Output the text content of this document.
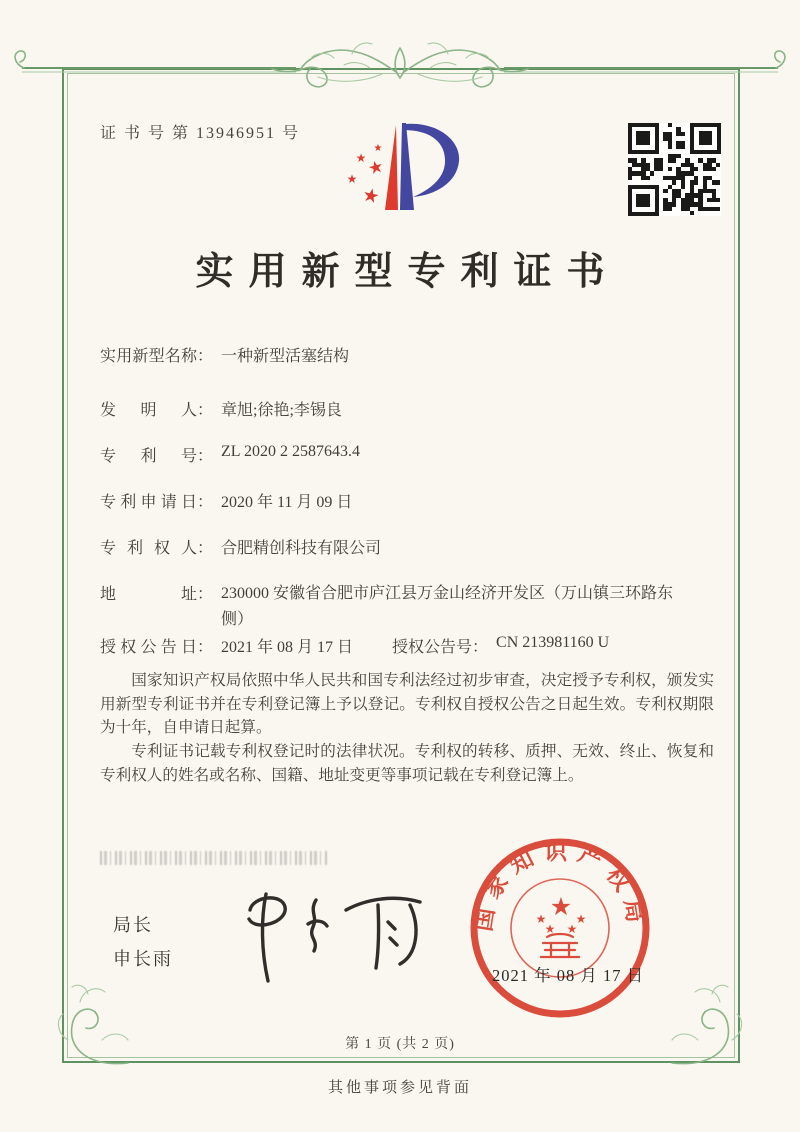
证 书 号 第 13946951 号
★
★ ★
★
★
实用新型专利证书
实用新型名称 ： 一种新型活塞结构
发　明　人 ： 章旭;徐艳;李锡良
专　利　号 ： ZL 2020 2 2587643.4
专利申请日 ： 2020 年 11 月 09 日
专 利 权 人 ： 合肥精创科技有限公司
地　　　址 ： 230000 安徽省合肥市庐江县万金山经济开发区（万山镇三环路东侧）
授权公告日 ： 2021 年 08 月 17 日 授权公告号 ： CN 213981160 U
国家知识产权局依照中华人民共和国专利法经过初步审查，决定授予专利权，颁发实用新型专利证书并在专利登记簿上予以登记。专利权自授权公告之日起生效。专利权期限为十年，自申请日起算。
专利证书记载专利权登记时的法律状况。专利权的转移、质押、无效、终止、恢复和专利权人的姓名或名称、国籍、地址变更等事项记载在专利登记簿上。
局长
申长雨
国家知识产权局
★
★ ★
★ ★
2021 年 08 月 17 日
第 1 页 (共 2 页)
其他事项参见背面
